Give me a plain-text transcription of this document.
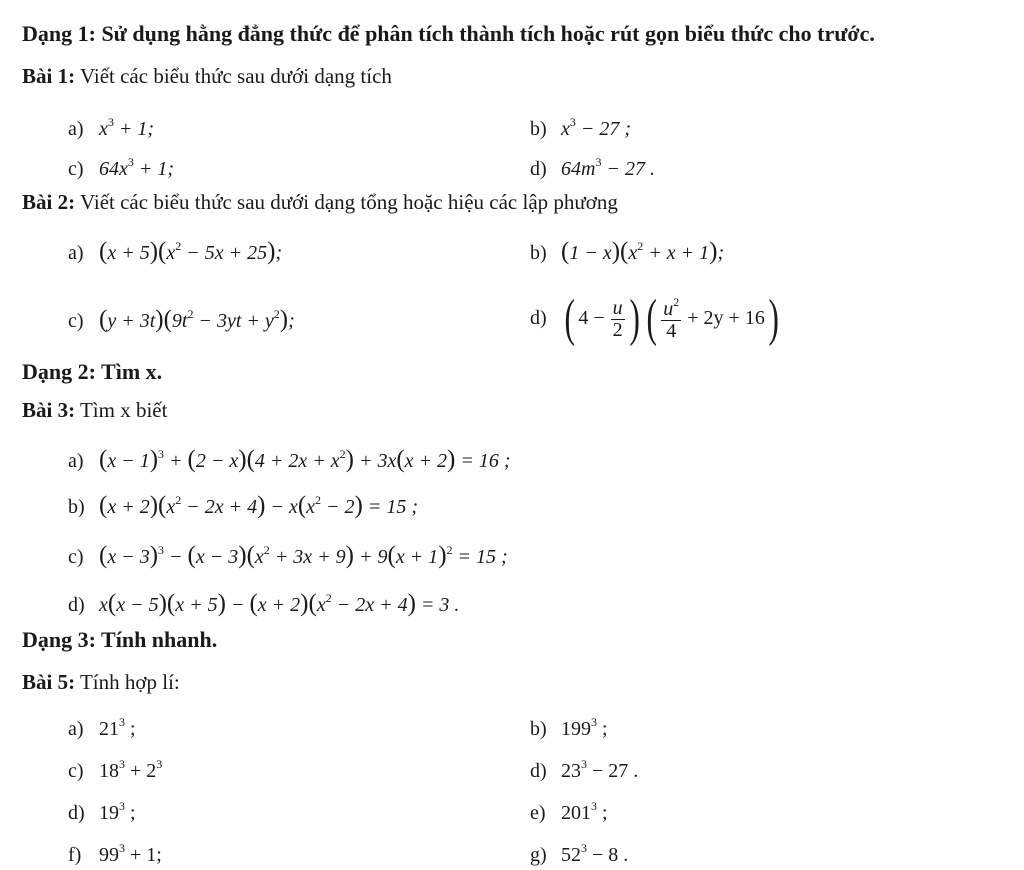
Dạng 1: Sử dụng hằng đẳng thức để phân tích thành tích hoặc rút gọn biểu thức cho trước.
Bài 1: Viết các biểu thức sau dưới dạng tích
a) $x^3 + 1$;	b) $x^3 - 27$ ;
c) $64x^3 + 1$;	d) $64m^3 - 27$ .
Bài 2: Viết các biểu thức sau dưới dạng tổng hoặc hiệu các lập phương
a) $(x + 5)(x^2 - 5x + 25)$;	b) $(1 - x)(x^2 + x + 1)$;
c) $(y + 3t)(9t^2 - 3yt + y^2)$;	d) ( $4 - \frac{u}{2}$ ) ( $\frac{u^2}{4} + 2y + 16$)
Dạng 2: Tìm x.
Bài 3: Tìm x biết
a) $(x - 1)^3 + (2 - x)(4 + 2x + x^2) + 3x(x + 2) = 16$ ;
b) $(x + 2)(x^2 - 2x + 4) - x(x^2 - 2) = 15$ ;
c) $(x - 3)^3 - (x - 3)(x^2 + 3x + 9) + 9(x + 1)^2 = 15$ ;
d) $x(x - 5)(x + 5) - (x + 2)(x^2 - 2x + 4) = 3$ .
Dạng 3: Tính nhanh.
Bài 5: Tính hợp lí:
a) $21^3$ ;	b) $199^3$ ;
c) $18^3 + 2^3$	d) $23^3 - 27$ .
d) $19^3$ ;	e) $201^3$ ;
f) $99^3 + 1$;	g) $52^3 - 8$ .
